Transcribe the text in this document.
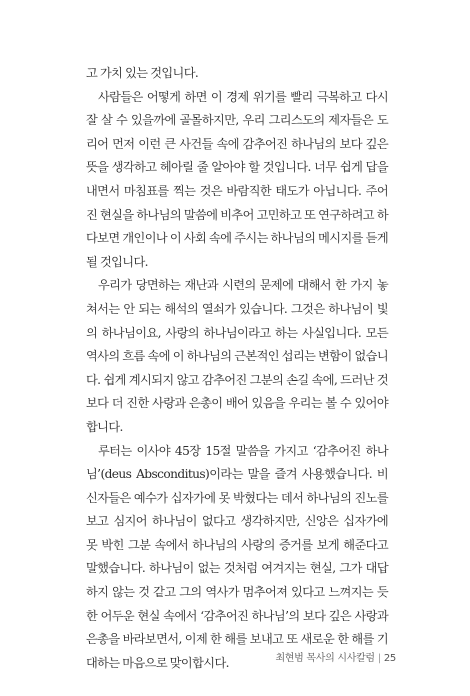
고 가치 있는 것입니다.

사람들은 어떻게 하면 이 경제 위기를 빨리 극복하고 다시 잘 살 수 있을까에 골몰하지만, 우리 그리스도의 제자들은 도리어 먼저 이런 큰 사건들 속에 감추어진 하나님의 보다 깊은 뜻을 생각하고 헤아릴 줄 알아야 할 것입니다. 너무 쉽게 답을 내면서 마침표를 찍는 것은 바람직한 태도가 아닙니다. 주어진 현실을 하나님의 말씀에 비추어 고민하고 또 연구하려고 하다보면 개인이나 이 사회 속에 주시는 하나님의 메시지를 듣게 될 것입니다.

우리가 당면하는 재난과 시련의 문제에 대해서 한 가지 놓쳐서는 안 되는 해석의 열쇠가 있습니다. 그것은 하나님이 빛의 하나님이요, 사랑의 하나님이라고 하는 사실입니다. 모든 역사의 흐름 속에 이 하나님의 근본적인 섭리는 변함이 없습니다. 쉽게 계시되지 않고 감추어진 그분의 손길 속에, 드러난 것보다 더 진한 사랑과 은총이 배어 있음을 우리는 볼 수 있어야 합니다.

루터는 이사야 45장 15절 말씀을 가지고 ‘감추어진 하나님’(deus Absconditus)이라는 말을 즐겨 사용했습니다. 비신자들은 예수가 십자가에 못 박혔다는 데서 하나님의 진노를 보고 심지어 하나님이 없다고 생각하지만, 신앙은 십자가에 못 박힌 그분 속에서 하나님의 사랑의 증거를 보게 해준다고 말했습니다. 하나님이 없는 것처럼 여겨지는 현실, 그가 대답하지 않는 것 같고 그의 역사가 멈추어져 있다고 느껴지는 듯한 어두운 현실 속에서 ‘감추어진 하나님’의 보다 깊은 사랑과 은총을 바라보면서, 이제 한 해를 보내고 또 새로운 한 해를 기대하는 마음으로 맞이합시다.	최현범 목사의 시사칼럼 | 25
